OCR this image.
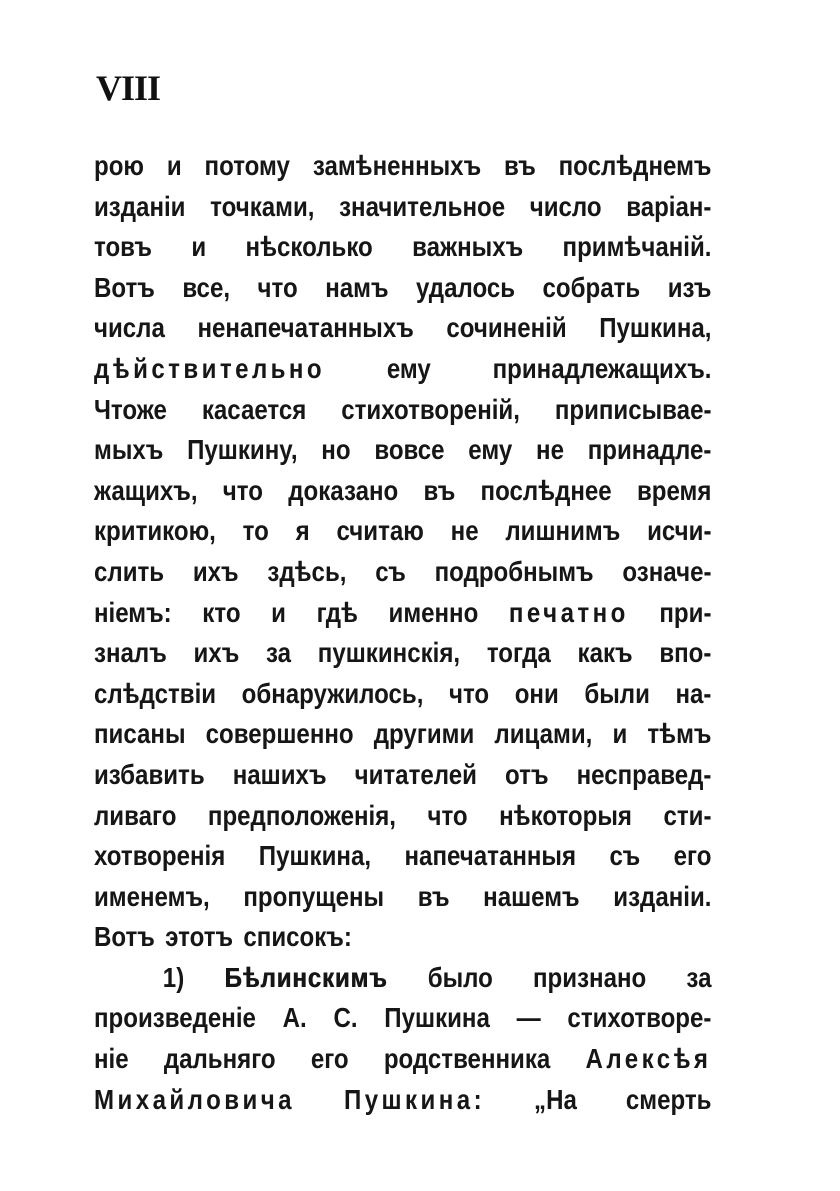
VIII
рою и потому замѣненныхъ въ послѣднемъ
изданіи точками, значительное число варіан-
товъ и нѣсколько важныхъ примѣчаній.
Вотъ все, что намъ удалось собрать изъ
числа ненапечатанныхъ сочиненій Пушкина,
дѣйствительно ему принадлежащихъ.
Чтоже касается стихотвореній, приписывае-
мыхъ Пушкину, но вовсе ему не принадле-
жащихъ, что доказано въ послѣднее время
критикою, то я считаю не лишнимъ исчи-
слить ихъ здѣсь, съ подробнымъ означе-
ніемъ: кто и гдѣ именно печатно при-
зналъ ихъ за пушкинскія, тогда какъ впо-
слѣдствіи обнаружилось, что они были на-
писаны совершенно другими лицами, и тѣмъ
избавить нашихъ читателей отъ несправед-
ливаго предположенія, что нѣкоторыя сти-
хотворенія Пушкина, напечатанныя съ его
именемъ, пропущены въ нашемъ изданіи.
Вотъ этотъ списокъ:
1) Бѣлинскимъ было признано за
произведеніе А. С. Пушкина — стихотворе-
ніе дальняго его родственника Алексѣя
Михайловича Пушкина: „На смерть
